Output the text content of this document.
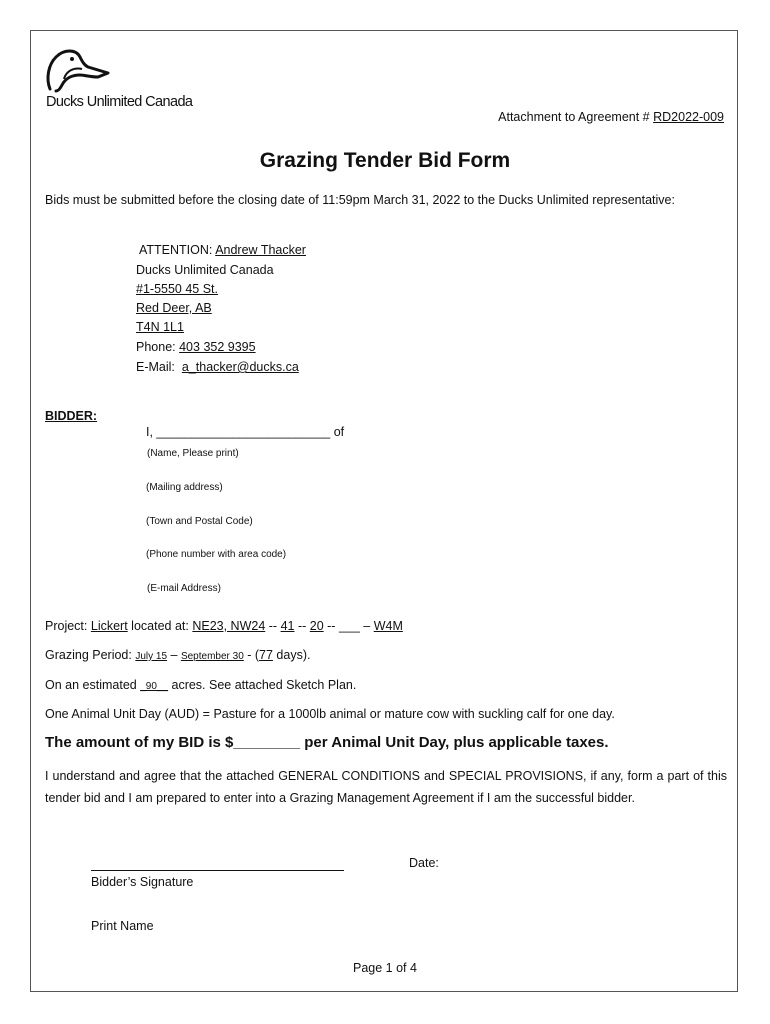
Ducks Unlimited Canada
Attachment to Agreement # RD2022-009
Grazing Tender Bid Form
Bids must be submitted before the closing date of 11:59pm March 31, 2022 to the Ducks Unlimited representative:
ATTENTION: Andrew Thacker
Ducks Unlimited Canada
#1-5550 45 St.
Red Deer, AB
T4N 1L1
Phone: 403 352 9395
E-Mail: a_thacker@ducks.ca
BIDDER:
I, _________________________ of
(Name, Please print)
(Mailing address)
(Town and Postal Code)
(Phone number with area code)
(E-mail Address)
Project: Lickert located at: NE23, NW24 -- 41 -- 20 -- ___ – W4M
Grazing Period: July 15 – September 30 - (77 days).
On an estimated _90__ acres. See attached Sketch Plan.
One Animal Unit Day (AUD) = Pasture for a 1000lb animal or mature cow with suckling calf for one day.
The amount of my BID is $________ per Animal Unit Day, plus applicable taxes.
I understand and agree that the attached GENERAL CONDITIONS and SPECIAL PROVISIONS, if any, form a part of this tender bid and I am prepared to enter into a Grazing Management Agreement if I am the successful bidder.
Date:
Bidder’s Signature
Print Name
Page 1 of 4
